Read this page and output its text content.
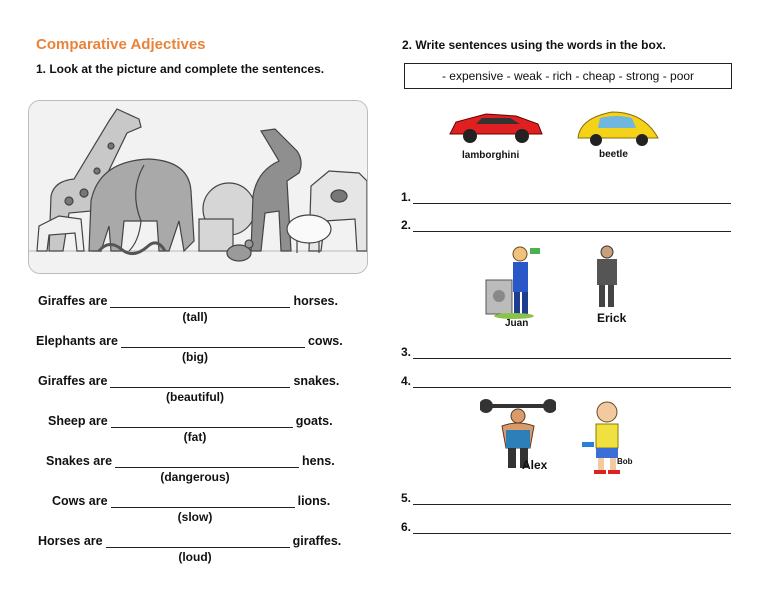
Comparative Adjectives
1. Look at the picture and complete the sentences.
Giraffes are	horses.
(tall)
Elephants are	cows.
(big)
Giraffes are	snakes.
(beautiful)
Sheep are	goats.
(fat)
Snakes are	hens.
(dangerous)
Cows are	lions.
(slow)
Horses are	giraffes.
(loud)
2. Write sentences using the words in the box.
- expensive - weak - rich - cheap - strong - poor
lamborghini	beetle
1.
2.
Juan	Erick
3.
4.
Alex	Bob
5.
6.
